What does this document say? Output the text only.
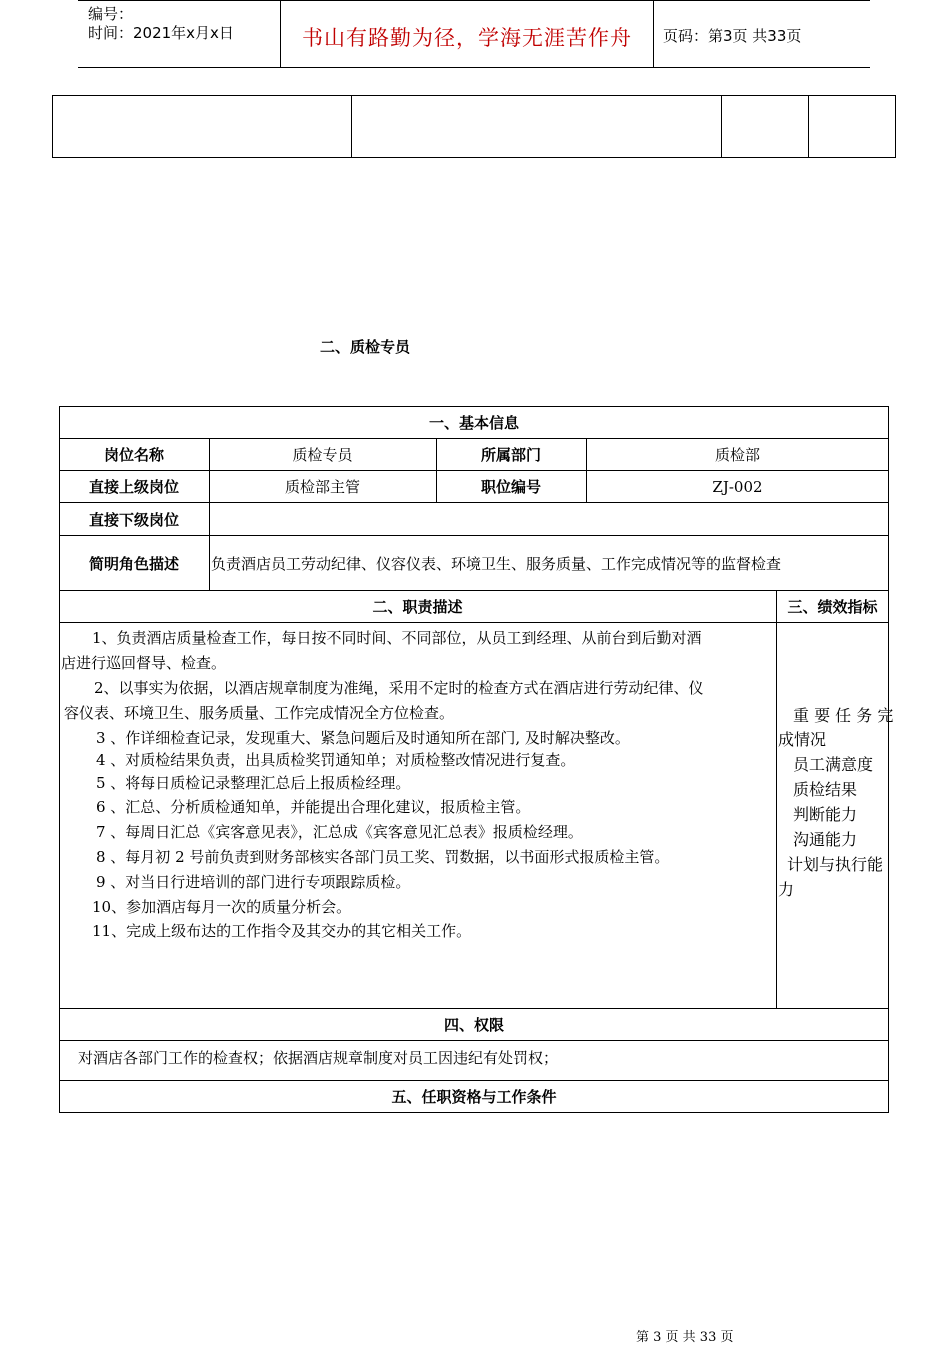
编号：
时间：2021年x月x日	书山有路勤为径，学海无涯苦作舟	页码：第3页 共33页
二、质检专员
一、基本信息
岗位名称	质检专员	所属部门	质检部
直接上级岗位	质检部主管	职位编号	ZJ-002
直接下级岗位
简明角色描述	负责酒店员工劳动纪律、仪容仪表、环境卫生、服务质量、工作完成情况等的监督检查
二、职责描述	三、绩效指标
1、负责酒店质量检查工作，每日按不同时间、不同部位，从员工到经理、从前台到后勤对酒
店进行巡回督导、检查。
2、以事实为依据，以酒店规章制度为准绳，采用不定时的检查方式在酒店进行劳动纪律、仪
容仪表、环境卫生、服务质量、工作完成情况全方位检查。
3 、作详细检查记录，发现重大、紧急问题后及时通知所在部门, 及时解决整改。
4 、对质检结果负责，出具质检奖罚通知单；对质检整改情况进行复查。
5 、将每日质检记录整理汇总后上报质检经理。
6 、汇总、分析质检通知单，并能提出合理化建议，报质检主管。
7 、每周日汇总《宾客意见表》，汇总成《宾客意见汇总表》报质检经理。
8 、每月初 2 号前负责到财务部核实各部门员工奖、罚数据，以书面形式报质检主管。
9 、对当日行进培训的部门进行专项跟踪质检。
10、参加酒店每月一次的质量分析会。
11、完成上级布达的工作指令及其交办的其它相关工作。
重 要 任 务 完
成情况
员工满意度
质检结果
判断能力
沟通能力
计划与执行能
力
四、权限
对酒店各部门工作的检查权；依据酒店规章制度对员工因违纪有处罚权；
五、任职资格与工作条件
第 3 页 共 33 页
